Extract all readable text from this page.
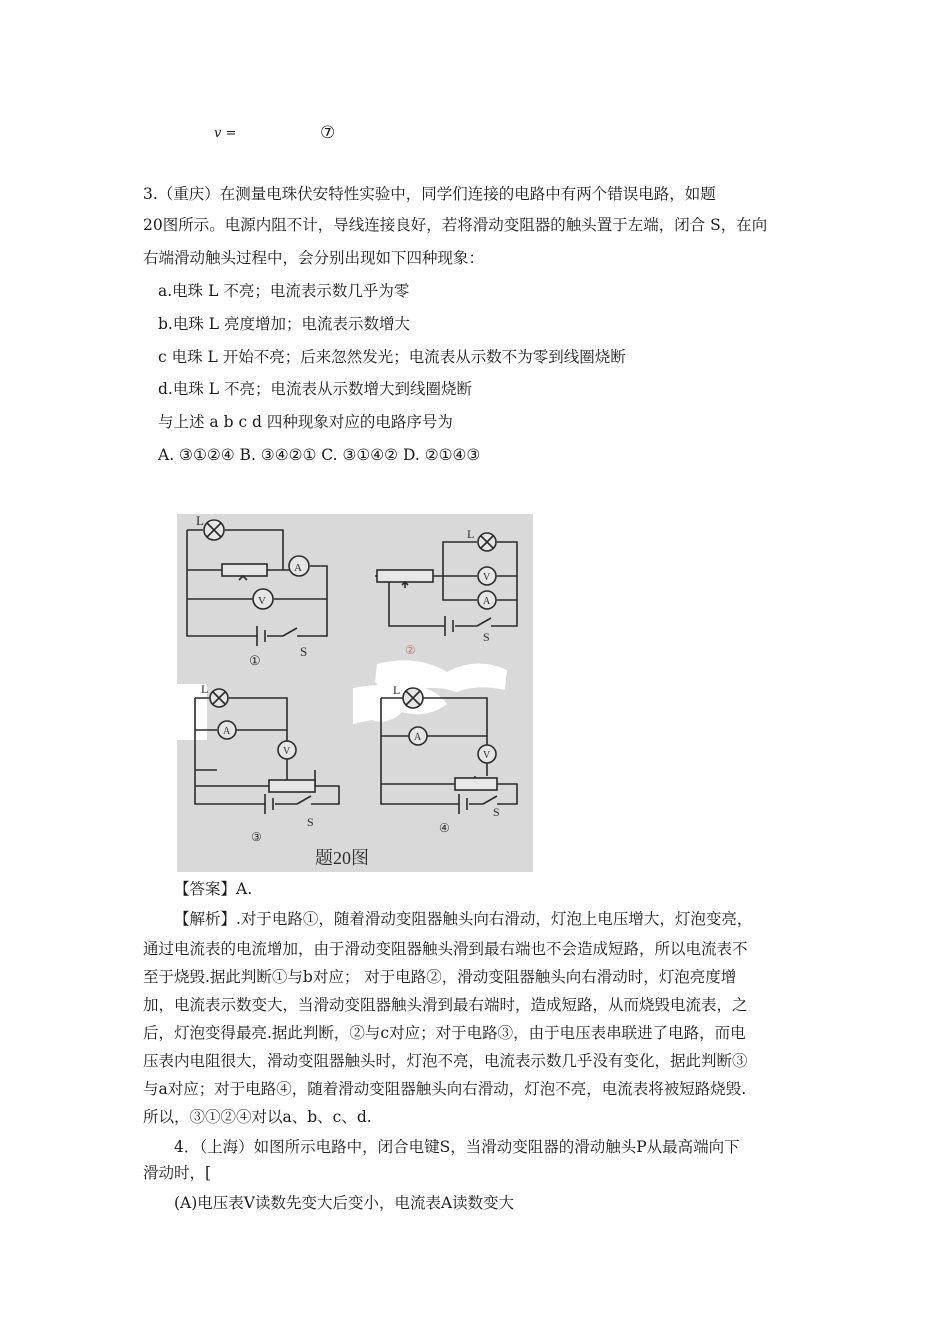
v =	⑦
3.（重庆）在测量电珠伏安特性实验中，同学们连接的电路中有两个错误电路，如题
20图所示。电源内阻不计，导线连接良好，若将滑动变阻器的触头置于左端，闭合 S，在向
右端滑动触头过程中，会分别出现如下四种现象：
a.电珠 L 不亮；电流表示数几乎为零
b.电珠 L 亮度增加；电流表示数增大
c 电珠 L 开始不亮；后来忽然发光；电流表从示数不为零到线圈烧断
d.电珠 L 不亮；电流表从示数增大到线圈烧断
与上述 a b c d 四种现象对应的电路序号为
A. ③①②④ B. ③④②① C. ③①④② D. ②①④③
L
A
V
S
①
L
V
A
S
②
L
A
V
S
③
L
A
V
S
④
题20图
【答案】A.
【解析】.对于电路①，随着滑动变阻器触头向右滑动，灯泡上电压增大，灯泡变亮，
通过电流表的电流增加，由于滑动变阻器触头滑到最右端也不会造成短路，所以电流表不
至于烧毁.据此判断①与b对应； 对于电路②，滑动变阻器触头向右滑动时，灯泡亮度增
加，电流表示数变大，当滑动变阻器触头滑到最右端时，造成短路，从而烧毁电流表，之
后，灯泡变得最亮.据此判断，②与c对应；对于电路③，由于电压表串联进了电路，而电
压表内电阻很大，滑动变阻器触头时，灯泡不亮，电流表示数几乎没有变化，据此判断③
与a对应；对于电路④，随着滑动变阻器触头向右滑动，灯泡不亮，电流表将被短路烧毁.
所以，③①②④对以a、b、c、d.
4．（上海）如图所示电路中，闭合电键S，当滑动变阻器的滑动触头P从最高端向下
滑动时，[
(A)电压表V读数先变大后变小，电流表A读数变大
